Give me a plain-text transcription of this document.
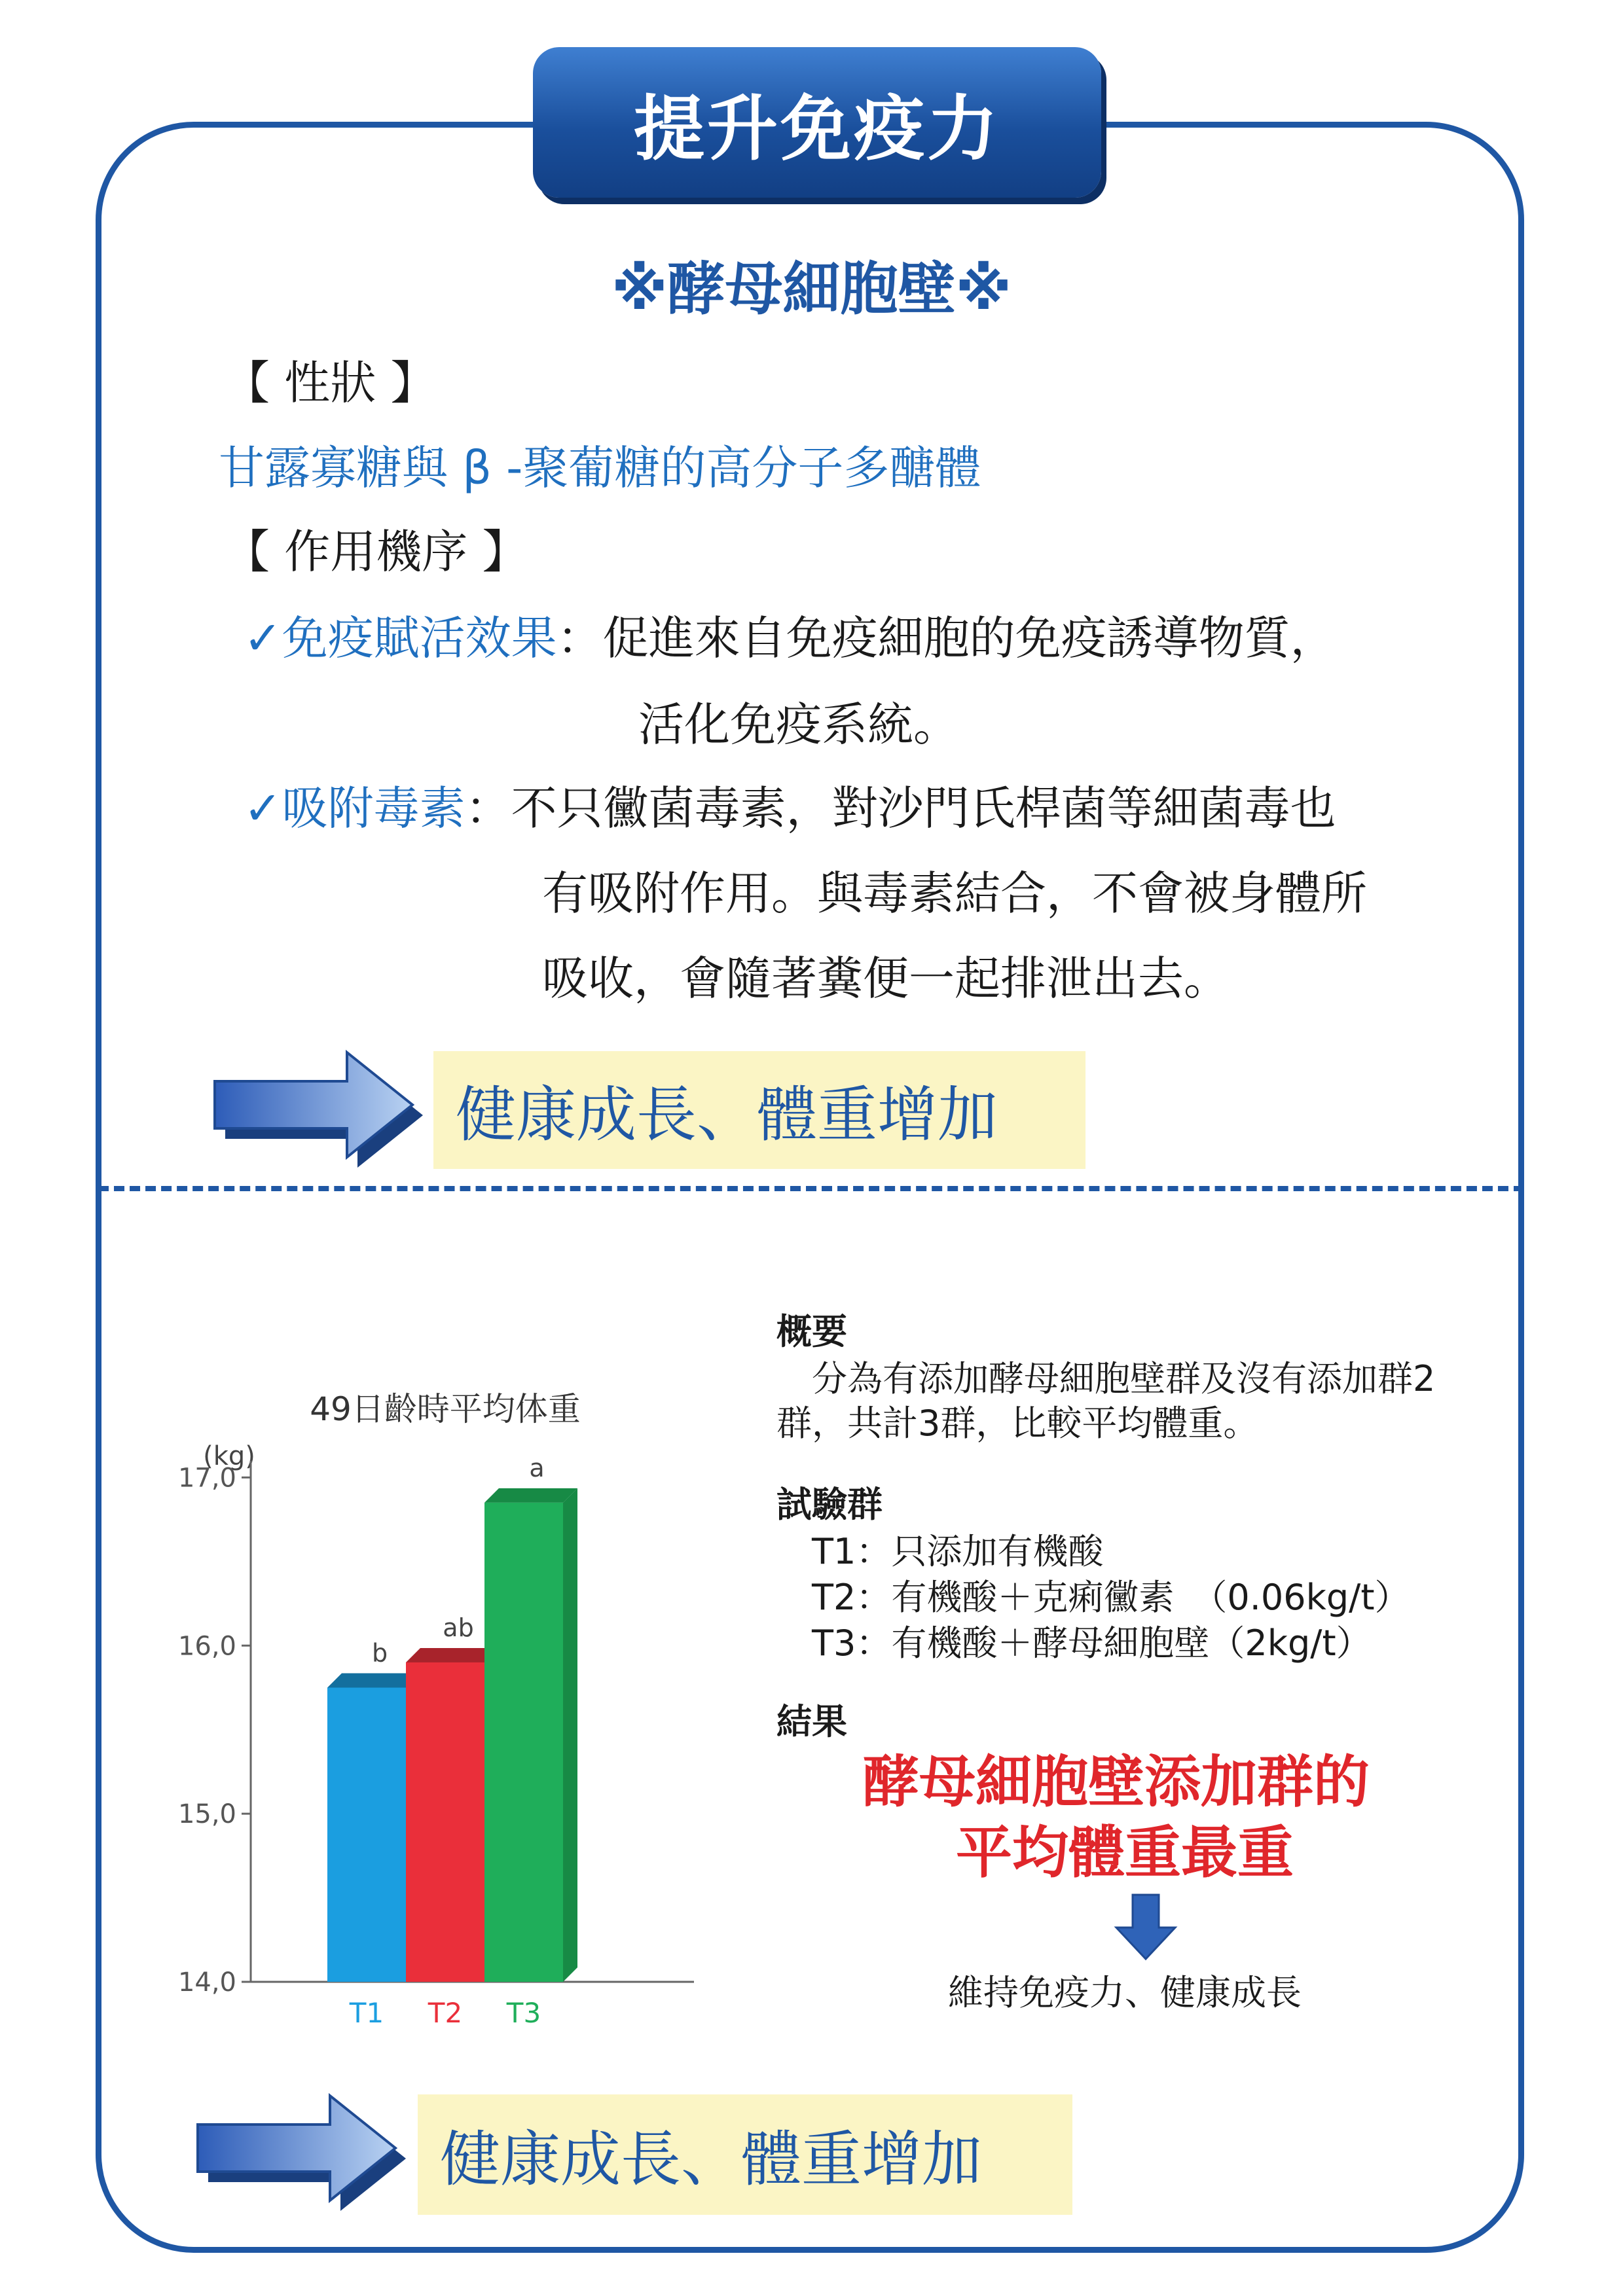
提升免疫力
※酵母細胞壁※
【 性狀 】
甘露寡糖與 β -聚葡糖的高分子多醣體
【 作用機序 】
✓免疫賦活效果：促進來自免疫細胞的免疫誘導物質，
活化免疫系統。
✓吸附毒素：不只黴菌毒素，對沙門氏桿菌等細菌毒也
有吸附作用。與毒素結合，不會被身體所
吸收，會隨著糞便一起排泄出去。
健康成長、體重增加
49日齡時平均体重
(kg)
b
ab
a
14,0
15,0
16,0
17,0
T1 T2 T3
概要
分為有添加酵母細胞壁群及沒有添加群2
群，共計3群，比較平均體重。
試驗群
T1：只添加有機酸
T2：有機酸＋克痢黴素　（0.06kg/t）
T3：有機酸＋酵母細胞壁（2kg/t）
結果
酵母細胞壁添加群的
平均體重最重
維持免疫力、健康成長
健康成長、體重增加
